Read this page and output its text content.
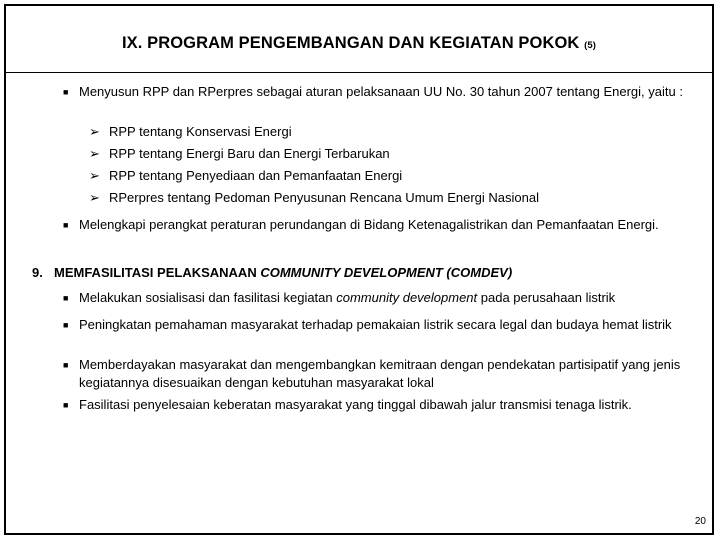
IX. PROGRAM PENGEMBANGAN DAN KEGIATAN POKOK (5)
■ Menyusun RPP dan RPerpres sebagai aturan pelaksanaan UU No. 30 tahun 2007 tentang Energi, yaitu :
➢ RPP tentang Konservasi Energi
➢ RPP tentang Energi Baru dan Energi Terbarukan
➢ RPP tentang Penyediaan dan Pemanfaatan Energi
➢ RPerpres tentang Pedoman Penyusunan Rencana Umum Energi Nasional
■ Melengkapi perangkat peraturan perundangan di Bidang Ketenagalistrikan dan Pemanfaatan Energi.
9. MEMFASILITASI PELAKSANAAN COMMUNITY DEVELOPMENT (COMDEV)
■ Melakukan sosialisasi dan fasilitasi kegiatan community development pada perusahaan listrik
■ Peningkatan pemahaman masyarakat terhadap pemakaian listrik secara legal dan budaya hemat listrik
■ Memberdayakan masyarakat dan mengembangkan kemitraan dengan pendekatan partisipatif yang jenis kegiatannya disesuaikan dengan kebutuhan masyarakat lokal
■ Fasilitasi penyelesaian keberatan masyarakat yang tinggal dibawah jalur transmisi tenaga listrik.
20
